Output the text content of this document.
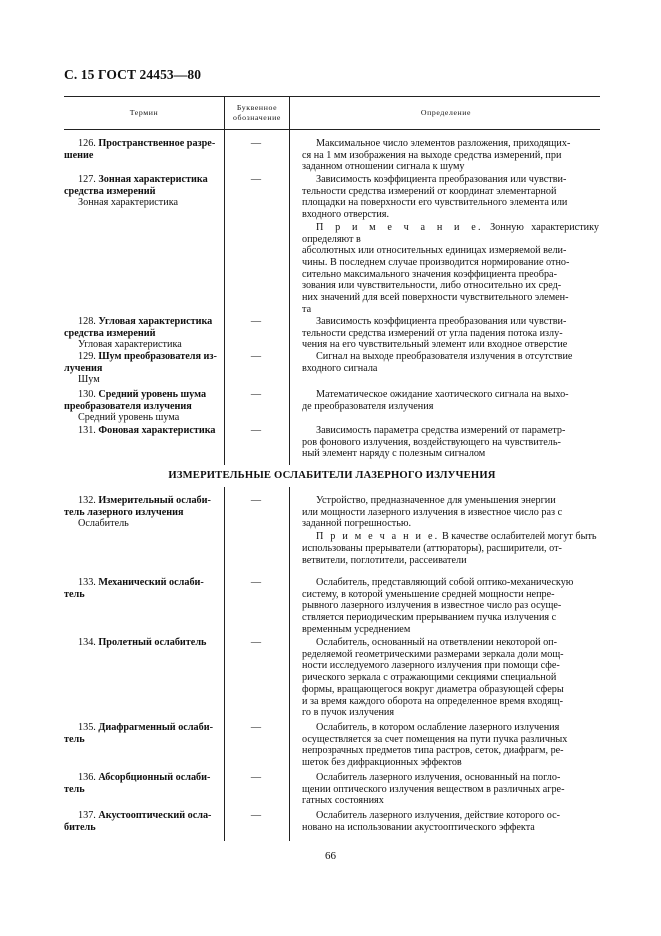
С. 15 ГОСТ 24453—80
Термин
Буквенное обозначение
Определение
126. Пространственное разре-
шение
—	Максимальное число элементов разложения, приходящих-
ся на 1 мм изображения на выходе средства измерений, при
заданном отношении сигнала к шуму
127. Зонная характеристика
средства измерений
Зонная характеристика
—	Зависимость коэффициента преобразования или чувстви-
тельности средства измерений от координат элементарной
площадки на поверхности его чувствительного элемента или
входного отверстия.
П р и м е ч а н и е. Зонную характеристику определяют в
абсолютных или относительных единицах измеряемой вели-
чины. В последнем случае производится нормирование отно-
сительно максимального значения коэффициента преобра-
зования или чувствительности, либо относительно их сред-
них значений для всей поверхности чувствительного элемен-
та
128. Угловая характеристика
средства измерений
Угловая характеристика
—	Зависимость коэффициента преобразования или чувстви-
тельности средства измерений от угла падения потока излу-
чения на его чувствительный элемент или входное отверстие
129. Шум преобразователя из-
лучения
Шум
—	Сигнал на выходе преобразователя излучения в отсутствие
входного сигнала
130. Средний уровень шума
преобразователя излучения
Средний уровень шума
—	Математическое ожидание хаотического сигнала на выхо-
де преобразователя излучения
131. Фоновая характеристика	—	Зависимость параметра средства измерений от параметр-
ров фонового излучения, воздействующего на чувствитель-
ный элемент наряду с полезным сигналом
ИЗМЕРИТЕЛЬНЫЕ ОСЛАБИТЕЛИ ЛАЗЕРНОГО ИЗЛУЧЕНИЯ
132. Измерительный ослаби-
тель лазерного излучения
Ослабитель
—	Устройство, предназначенное для уменьшения энергии
или мощности лазерного излучения в известное число раз с
заданной погрешностью.
П р и м е ч а н и е. В качестве ослабителей могут быть
использованы прерыватели (аттюраторы), расширители, от-
ветвители, поглотители, рассеиватели
133. Механический ослаби-
тель
—	Ослабитель, представляющий собой оптико-механическую
систему, в которой уменьшение средней мощности непре-
рывного лазерного излучения в известное число раз осуще-
ствляется периодическим прерыванием пучка излучения с
временным усреднением
134. Пролетный ослабитель	—	Ослабитель, основанный на ответвлении некоторой оп-
ределяемой геометрическими размерами зеркала доли мощ-
ности исследуемого лазерного излучения при помощи сфе-
рического зеркала с отражающими секциями специальной
формы, вращающегося вокруг диаметра образующей сферы
и за время каждого оборота на определенное время входящ-
го в пучок излучения
135. Диафрагменный ослаби-
тель
—	Ослабитель, в котором ослабление лазерного излучения
осуществляется за счет помещения на пути пучка различных
непрозрачных предметов типа растров, сеток, диафрагм, ре-
шеток без дифракционных эффектов
136. Абсорбционный ослаби-
тель
—	Ослабитель лазерного излучения, основанный на погло-
щении оптического излучения веществом в различных агре-
гатных состояниях
137. Акустооптический осла-
битель
—	Ослабитель лазерного излучения, действие которого ос-
новано на использовании акустооптического эффекта
66
